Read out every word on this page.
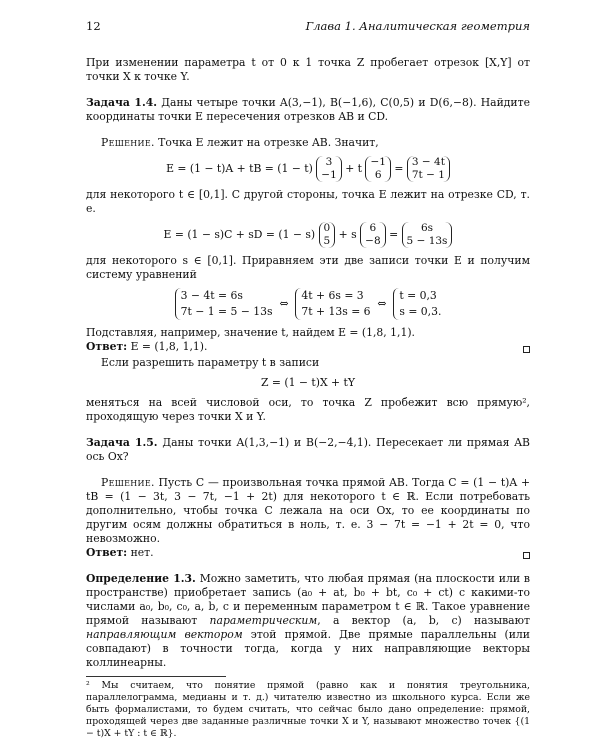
12	Глава 1. Аналитическая геометрия

При изменении параметра t от 0 к 1 точка Z пробегает отрезок [X,Y] от точки X к точке Y.

Задача 1.4. Даны четыре точки A(3,−1), B(−1,6), C(0,5) и D(6,−8). Найдите координаты точки E пересечения отрезков AB и CD.

Решение. Точка E лежит на отрезке AB. Значит,

E = (1 − t)A + tB = (1 − t)	3
−1 + t −1
6	= 3 − 4t
7t − 1

для некоторого t ∈ [0,1]. С другой стороны, точка E лежит на отрезке CD, т. е.

E = (1 − s)C + sD = (1 − s) 0
5 + s	6
−8 =	6s
5 − 13s

для некоторого s ∈ [0,1]. Приравняем эти две записи точки E и получим систему уравнений

3 − 4t = 6s
7t − 1 = 5 − 13s
⇔
4t + 6s = 3
7t + 13s = 6
⇔
t = 0,3
s = 0,3.

Подставляя, например, значение t, найдем E = (1,8, 1,1).

Ответ: E = (1,8, 1,1).

Если разрешить параметру t в записи

Z = (1 − t)X + tY

меняться на всей числовой оси, то точка Z пробежит всю прямую², проходящую через точки X и Y.

Задача 1.5. Даны точки A(1,3,−1) и B(−2,−4,1). Пересекает ли прямая AB ось Ox?

Решение. Пусть C — произвольная точка прямой AB. Тогда C = (1 − t)A + tB = (1 − 3t, 3 − 7t, −1 + 2t) для некоторого t ∈ ℝ. Если потребовать дополнительно, чтобы точка C лежала на оси Ox, то ее координаты по другим осям должны обратиться в ноль, т. е. 3 − 7t = −1 + 2t = 0, что невозможно.

Ответ: нет.

Определение 1.3. Можно заметить, что любая прямая (на плоскости или в пространстве) приобретает запись (a₀ + at, b₀ + bt, c₀ + ct) с какими-то числами a₀, b₀, c₀, a, b, c и переменным параметром t ∈ ℝ. Такое уравнение прямой называют параметрическим, а вектор (a, b, c) называют направляющим вектором этой прямой. Две прямые параллельны (или совпадают) в точности тогда, когда у них направляющие векторы коллинеарны.

² Мы считаем, что понятие прямой (равно как и понятия треугольника, параллелограмма, медианы и т. д.) читателю известно из школьного курса. Если же быть формалистами, то будем считать, что сейчас было дано определение: прямой, проходящей через две заданные различные точки X и Y, называют множество точек {(1 − t)X + tY : t ∈ ℝ}.
